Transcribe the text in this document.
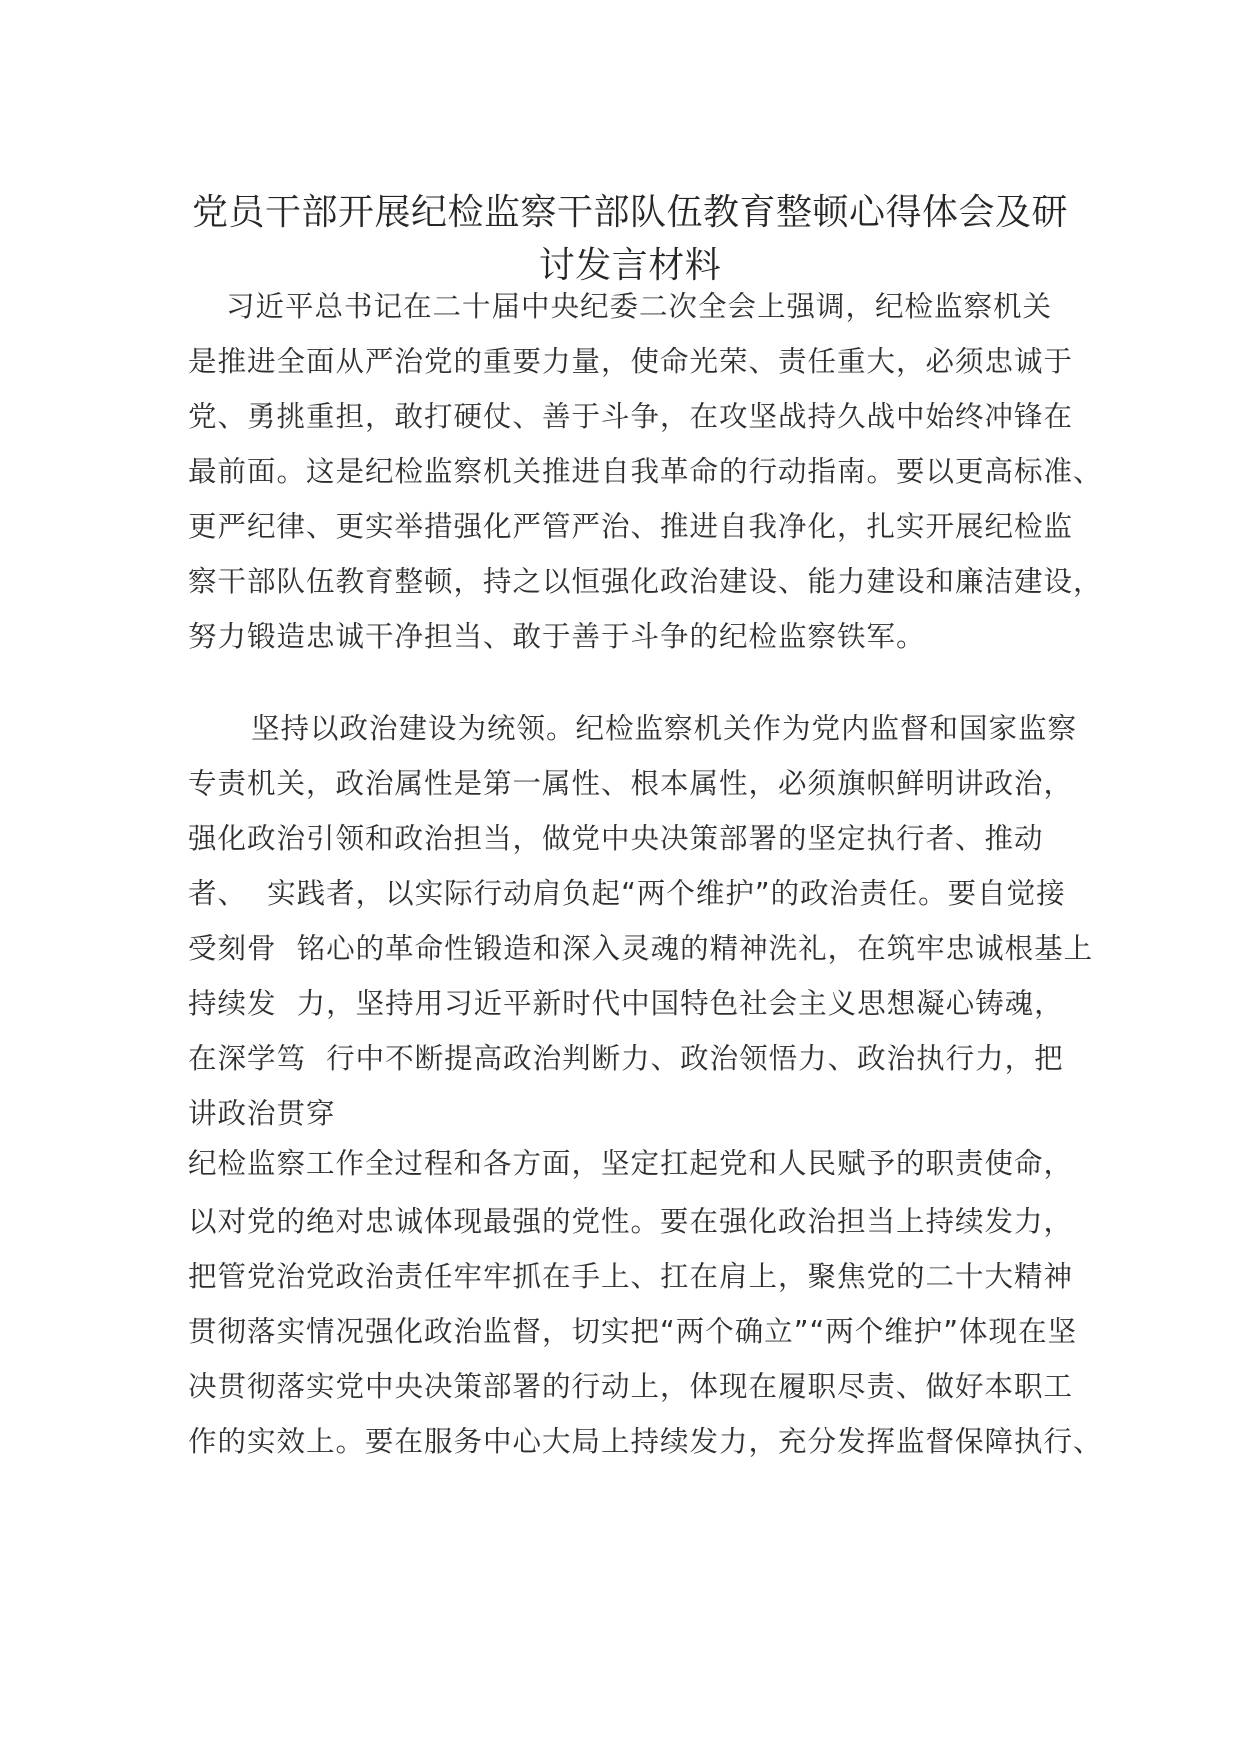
党员干部开展纪检监察干部队伍教育整顿心得体会及研
讨发言材料
习近平总书记在二十届中央纪委二次全会上强调，纪检监察机关
是推进全面从严治党的重要力量，使命光荣、责任重大，必须忠诚于
党、勇挑重担，敢打硬仗、善于斗争，在攻坚战持久战中始终冲锋在
最前面。这是纪检监察机关推进自我革命的行动指南。要以更高标准、
更严纪律、更实举措强化严管严治、推进自我净化，扎实开展纪检监
察干部队伍教育整顿，持之以恒强化政治建设、能力建设和廉洁建设，
努力锻造忠诚干净担当、敢于善于斗争的纪检监察铁军。
坚持以政治建设为统领。纪检监察机关作为党内监督和国家监察
专责机关，政治属性是第一属性、根本属性，必须旗帜鲜明讲政治，
强化政治引领和政治担当，做党中央决策部署的坚定执行者、推动
者、  实践者，以实际行动肩负起“两个维护”的政治责任。要自觉接
受刻骨  铭心的革命性锻造和深入灵魂的精神洗礼，在筑牢忠诚根基上
持续发  力，坚持用习近平新时代中国特色社会主义思想凝心铸魂，
在深学笃  行中不断提高政治判断力、政治领悟力、政治执行力，把
讲政治贯穿
纪检监察工作全过程和各方面，坚定扛起党和人民赋予的职责使命，
以对党的绝对忠诚体现最强的党性。要在强化政治担当上持续发力，
把管党治党政治责任牢牢抓在手上、扛在肩上，聚焦党的二十大精神
贯彻落实情况强化政治监督，切实把“两个确立”“两个维护”体现在坚
决贯彻落实党中央决策部署的行动上，体现在履职尽责、做好本职工
作的实效上。要在服务中心大局上持续发力，充分发挥监督保障执行、
